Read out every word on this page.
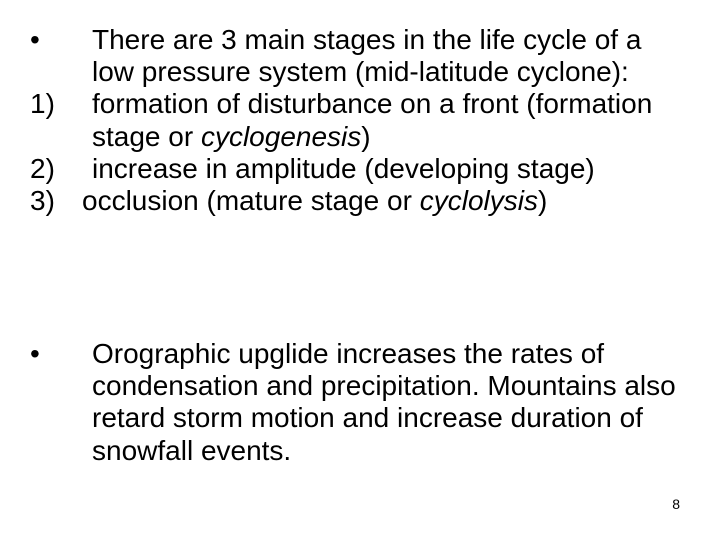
•	There are 3 main stages in the life cycle of a low pressure system (mid-latitude cyclone):
1)	formation of disturbance on a front (formation stage or cyclogenesis)
2)	increase in amplitude (developing stage)
3) occlusion (mature stage or cyclolysis)
•	Orographic upglide increases the rates of condensation and precipitation. Mountains also retard storm motion and increase duration of snowfall events.
8
